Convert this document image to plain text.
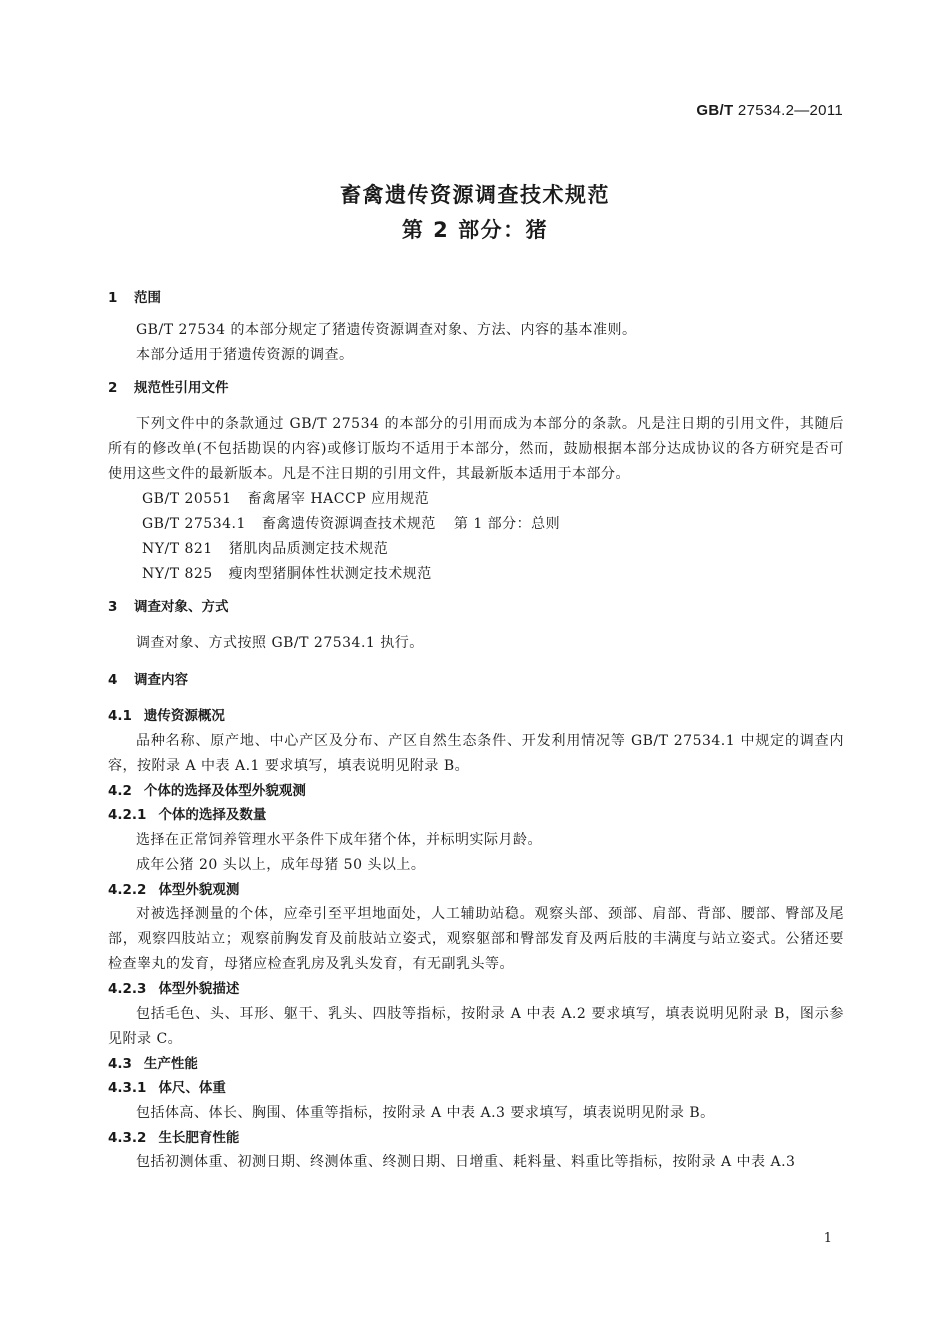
GB/T 27534.2—2011
畜禽遗传资源调查技术规范
第 2 部分：猪
1 范围

GB/T 27534 的本部分规定了猪遗传资源调查对象、方法、内容的基本准则。

本部分适用于猪遗传资源的调查。

2 规范性引用文件

下列文件中的条款通过 GB/T 27534 的本部分的引用而成为本部分的条款。凡是注日期的引用文件，其随后所有的修改单(不包括勘误的内容)或修订版均不适用于本部分，然而，鼓励根据本部分达成协议的各方研究是否可使用这些文件的最新版本。凡是不注日期的引用文件，其最新版本适用于本部分。

GB/T 20551 畜禽屠宰 HACCP 应用规范

GB/T 27534.1 畜禽遗传资源调查技术规范 第 1 部分：总则

NY/T 821 猪肌肉品质测定技术规范

NY/T 825 瘦肉型猪胴体性状测定技术规范

3 调查对象、方式

调查对象、方式按照 GB/T 27534.1 执行。

4 调查内容
4.1 遗传资源概况

品种名称、原产地、中心产区及分布、产区自然生态条件、开发利用情况等 GB/T 27534.1 中规定的调查内容，按附录 A 中表 A.1 要求填写，填表说明见附录 B。

4.2 个体的选择及体型外貌观测
4.2.1 个体的选择及数量

选择在正常饲养管理水平条件下成年猪个体，并标明实际月龄。

成年公猪 20 头以上，成年母猪 50 头以上。

4.2.2 体型外貌观测

对被选择测量的个体，应牵引至平坦地面处，人工辅助站稳。观察头部、颈部、肩部、背部、腰部、臀部及尾部，观察四肢站立；观察前胸发育及前肢站立姿式，观察躯部和臀部发育及两后肢的丰满度与站立姿式。公猪还要检查睾丸的发育，母猪应检查乳房及乳头发育，有无副乳头等。

4.2.3 体型外貌描述

包括毛色、头、耳形、躯干、乳头、四肢等指标，按附录 A 中表 A.2 要求填写，填表说明见附录 B，图示参见附录 C。

4.3 生产性能
4.3.1 体尺、体重

包括体高、体长、胸围、体重等指标，按附录 A 中表 A.3 要求填写，填表说明见附录 B。

4.3.2 生长肥育性能

包括初测体重、初测日期、终测体重、终测日期、日增重、耗料量、料重比等指标，按附录 A 中表 A.3

1
